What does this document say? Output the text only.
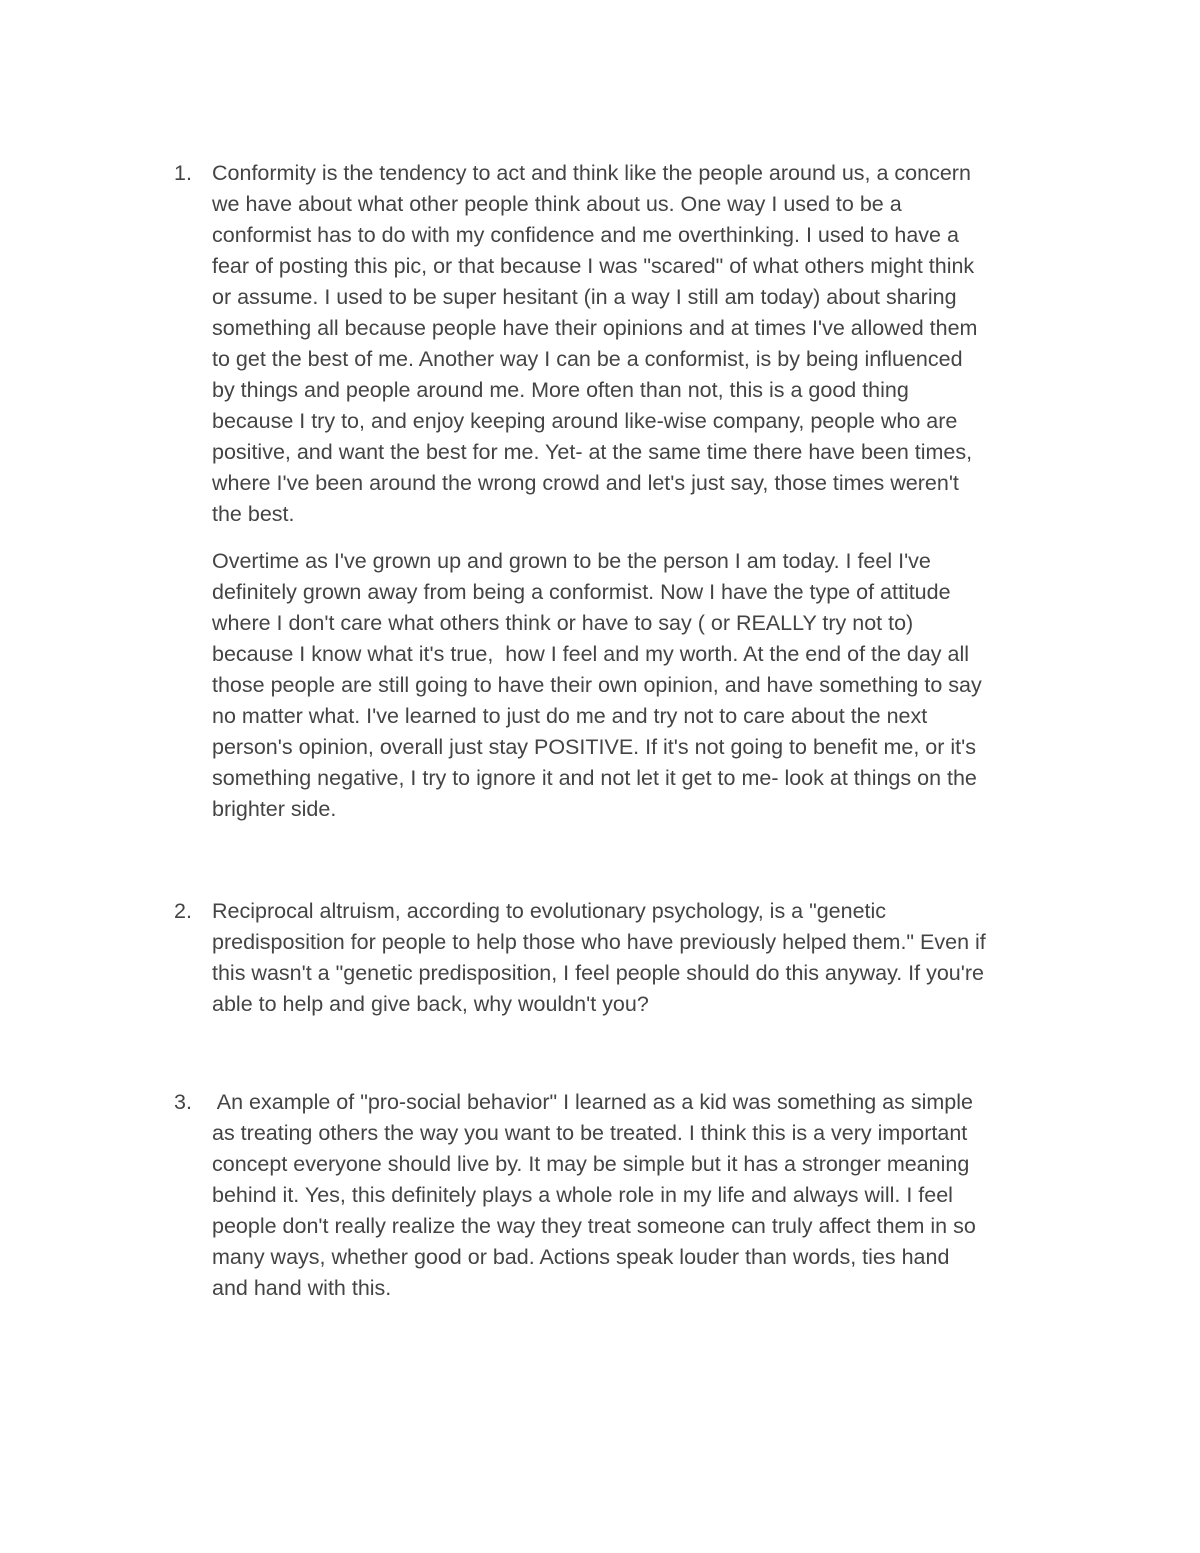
1. Conformity is the tendency to act and think like the people around us, a concern
we have about what other people think about us. One way I used to be a
conformist has to do with my confidence and me overthinking. I used to have a
fear of posting this pic, or that because I was "scared" of what others might think
or assume. I used to be super hesitant (in a way I still am today) about sharing
something all because people have their opinions and at times I've allowed them
to get the best of me. Another way I can be a conformist, is by being influenced
by things and people around me. More often than not, this is a good thing
because I try to, and enjoy keeping around like-wise company, people who are
positive, and want the best for me. Yet- at the same time there have been times,
where I've been around the wrong crowd and let's just say, those times weren't
the best.
Overtime as I've grown up and grown to be the person I am today. I feel I've
definitely grown away from being a conformist. Now I have the type of attitude
where I don't care what others think or have to say ( or REALLY try not to)
because I know what it's true,  how I feel and my worth. At the end of the day all
those people are still going to have their own opinion, and have something to say
no matter what. I've learned to just do me and try not to care about the next
person's opinion, overall just stay POSITIVE. If it's not going to benefit me, or it's
something negative, I try to ignore it and not let it get to me- look at things on the
brighter side.
2. Reciprocal altruism, according to evolutionary psychology, is a "genetic
predisposition for people to help those who have previously helped them." Even if
this wasn't a "genetic predisposition, I feel people should do this anyway. If you're
able to help and give back, why wouldn't you?
3. An example of "pro-social behavior" I learned as a kid was something as simple
as treating others the way you want to be treated. I think this is a very important
concept everyone should live by. It may be simple but it has a stronger meaning
behind it. Yes, this definitely plays a whole role in my life and always will. I feel
people don't really realize the way they treat someone can truly affect them in so
many ways, whether good or bad. Actions speak louder than words, ties hand
and hand with this.
